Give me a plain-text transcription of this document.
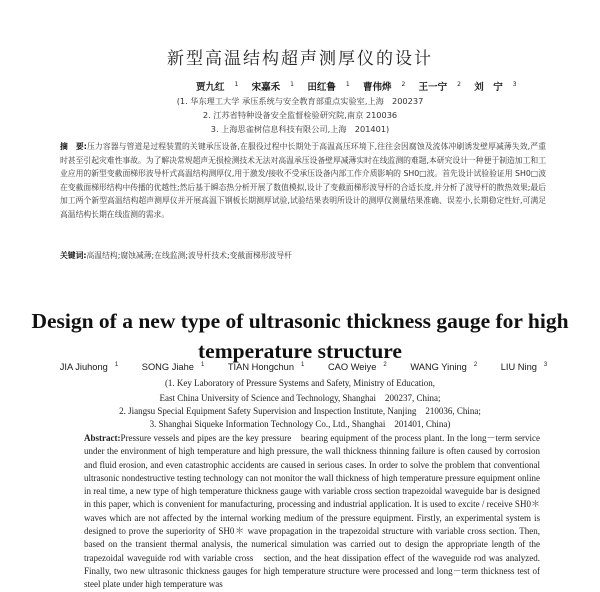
新型高温结构超声测厚仪的设计
贾九红 $^1$ 宋嘉禾 $^1$ 田红鲁 $^1$ 曹伟烨 $^2$ 王一宁 $^2$ 刘　宁 $^3$
(1. 华东理工大学 承压系统与安全教育部重点实验室,上海　200237
2. 江苏省特种设备安全监督检验研究院,南京 210036
3. 上海思雀树信息科技有限公司,上海　201401)
摘　要:压力容器与管道是过程装置的关键承压设备,在服役过程中长期处于高温高压环境下,往往会因腐蚀及流体冲刷诱发壁厚减薄失效,严重时甚至引起灾难性事故。为了解决常规超声无损检测技术无法对高温承压设备壁厚减薄实时在线监测的难题,本研究设计一种便于制造加工和工业应用的新型变截面梯形波导杆式高温结构测厚仪,用于激发/接收不受承压设备内部工作介质影响的 SH0□波。首先设计试验验证用 SH0□波在变截面梯形结构中传播的优越性;然后基于瞬态热分析开展了数值模拟,设计了变截面梯形波导杆的合适长度,并分析了波导杆的散热效果;最后加工两个新型高温结构超声测厚仪并开展高温下钢板长期测厚试验,试验结果表明所设计的测厚仪测量结果准确、误差小,长期稳定性好,可满足高温结构长期在线监测的需求。
关键词:高温结构;腐蚀减薄;在线监测;波导杆技术;变截面梯形波导杆
Design of a new type of ultrasonic thickness gauge for high temperature structure
JIA Jiuhong $^1$	SONG Jiahe $^1$	TIAN Hongchun $^1$	CAO Weiye $^2$	WANG Yining $^2$	LIU Ning $^3$
(1. Key Laboratory of Pressure Systems and Safety, Ministry of Education,
East China University of Science and Technology, Shanghai　200237, China;
2. Jiangsu Special Equipment Safety Supervision and Inspection Institute, Nanjing　210036, China;
3. Shanghai Siqueke Information Technology Co., Ltd., Shanghai　201401, China)
Abstract:Pressure vessels and pipes are the key pressure　bearing equipment of the process plant. In the long－term service under the environment of high temperature and high pressure, the wall thickness thinning failure is often caused by corrosion and fluid erosion, and even catastrophic accidents are caused in serious cases. In order to solve the problem that conventional ultrasonic nondestructive testing technology can not monitor the wall thickness of high temperature pressure equipment online in real time, a new type of high temperature thickness gauge with variable cross section trapezoidal waveguide bar is designed in this paper, which is convenient for manufacturing, processing and industrial application. It is used to excite / receive SH0＊ waves which are not affected by the internal working medium of the pressure equipment. Firstly, an experimental system is designed to prove the superiority of SH0＊ wave propagation in the trapezoidal structure with variable cross section. Then, based on the transient thermal analysis, the numerical simulation was carried out to design the appropriate length of the trapezoidal waveguide rod with variable cross　section, and the heat dissipation effect of the waveguide rod was analyzed. Finally, two new ultrasonic thickness gauges for high temperature structure were processed and long－term thickness test of steel plate under high temperature was
